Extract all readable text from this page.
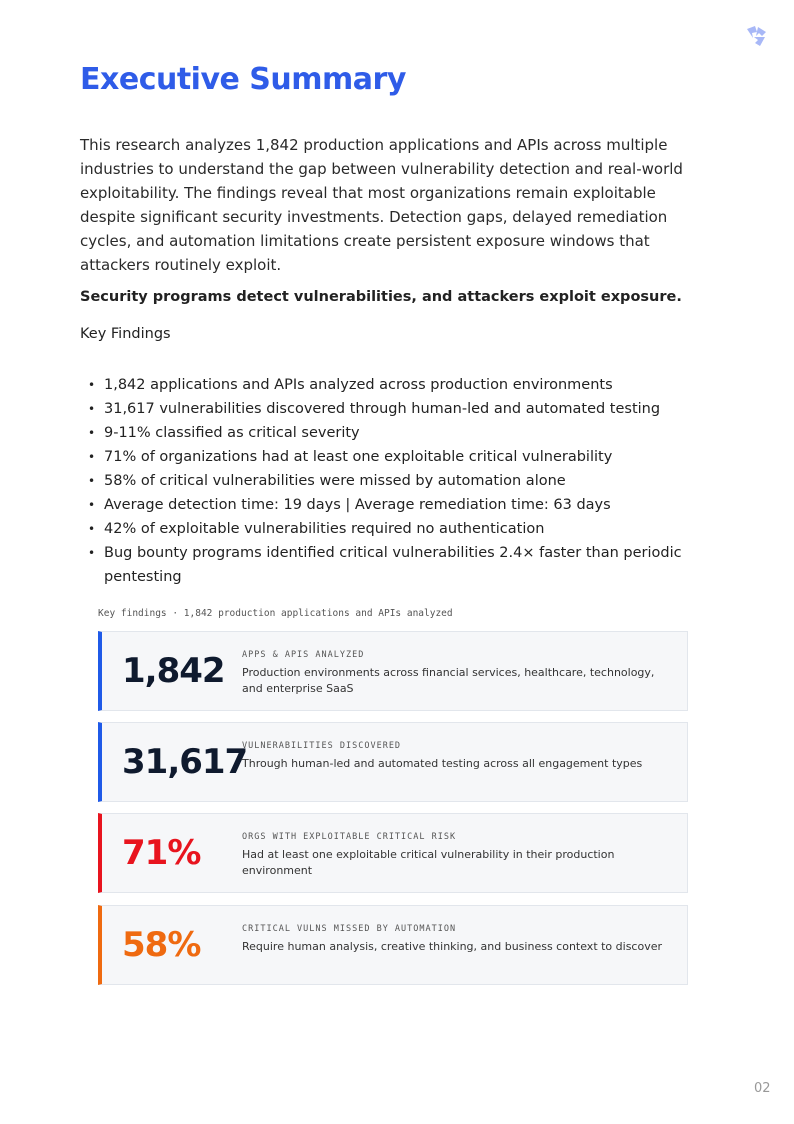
Executive Summary

This research analyzes 1,842 production applications and APIs across multiple industries to understand the gap between vulnerability detection and real-world exploitability. The findings reveal that most organizations remain exploitable despite significant security investments. Detection gaps, delayed remediation cycles, and automation limitations create persistent exposure windows that attackers routinely exploit.

Security programs detect vulnerabilities, and attackers exploit exposure.

Key Findings

• 1,842 applications and APIs analyzed across production environments
• 31,617 vulnerabilities discovered through human-led and automated testing
• 9-11% classified as critical severity
• 71% of organizations had at least one exploitable critical vulnerability
• 58% of critical vulnerabilities were missed by automation alone
• Average detection time: 19 days | Average remediation time: 63 days
• 42% of exploitable vulnerabilities required no authentication
• Bug bounty programs identified critical vulnerabilities 2.4× faster than periodic pentesting
Key findings · 1,842 production applications and APIs analyzed
1,842 APPS & APIS ANALYZED
Production environments across financial services, healthcare, technology, and enterprise SaaS
31,617
VULNERABILITIES DISCOVERED
Through human-led and automated testing across all engagement types
71%	ORGS WITH EXPLOITABLE CRITICAL RISK
Had at least one exploitable critical vulnerability in their production environment
58%	CRITICAL VULNS MISSED BY AUTOMATION
Require human analysis, creative thinking, and business context to discover
02
